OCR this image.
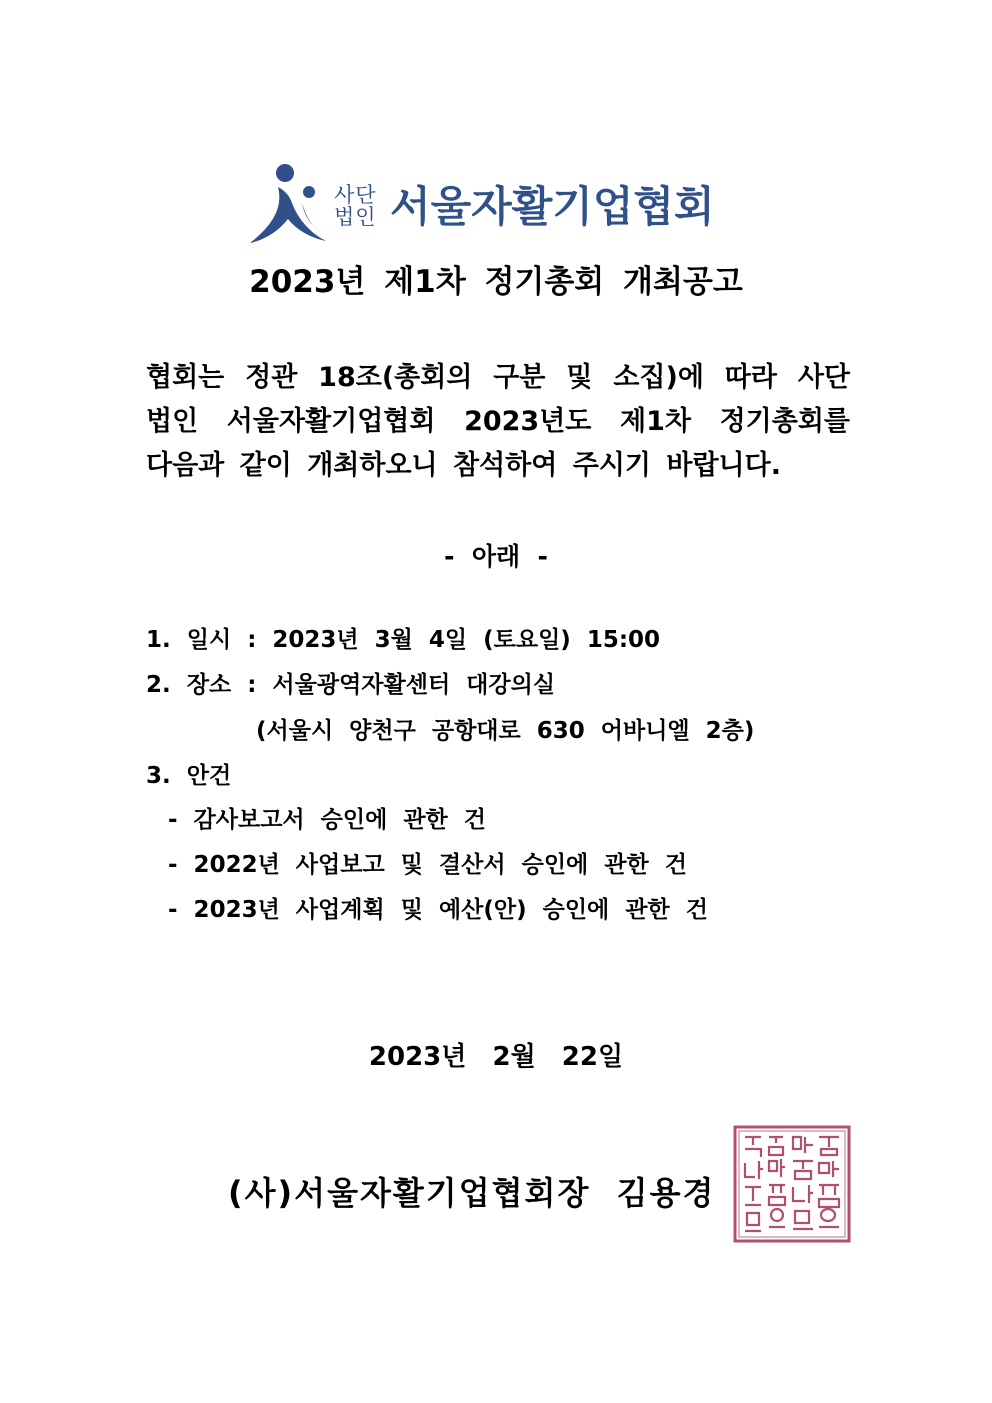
사단
법인 서울자활기업협회
2023년 제1차 정기총회 개최공고
협회는 정관 18조(총회의 구분 및 소집)에 따라 사단
법인 서울자활기업협회 2023년도 제1차 정기총회를
다음과 같이 개최하오니 참석하여 주시기 바랍니다.
-  아래  -
1.  일시  :  2023년  3월  4일  (토요일)  15:00
2.  장소  :  서울광역자활센터  대강의실
(서울시  양천구  공항대로  630  어바니엘  2층)
3.  안건
-  감사보고서  승인에  관한  건
-  2022년  사업보고  및  결산서  승인에  관한  건
-  2023년  사업계획  및  예산(안)  승인에  관한  건
2023년  2월  22일
(사)서울자활기업협회장  김용경
